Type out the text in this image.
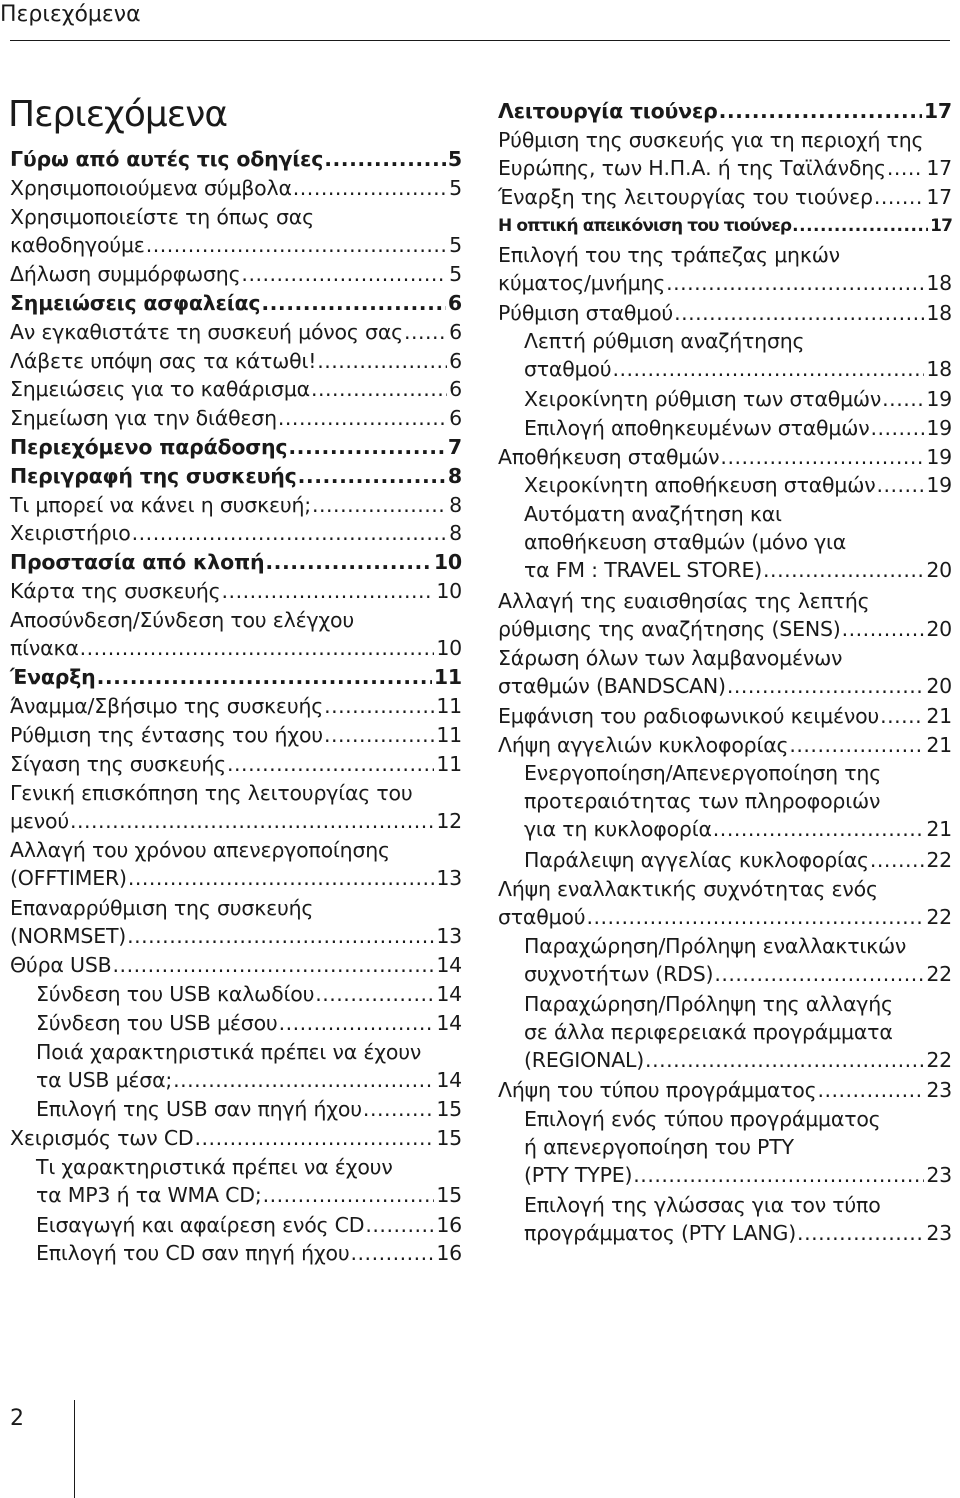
Περιεχόμενα
Περιεχόμενα
Γύρω από αυτές τις οδηγίες .....	5
Χρησιμοποιούμενα σύμβολα .....	5
Χρησιμοποιείστε τη όπως σας
καθοδηγούμε .....	5
Δήλωση συμμόρφωσης .....	5
Σημειώσεις ασφαλείας .....	6
Αν εγκαθιστάτε τη συσκευή μόνος σας ..... 6
Λάβετε υπόψη σας τα κάτωθι! .....	6
Σημειώσεις για το καθάρισμα .....	6
Σημείωση για την διάθεση .....	6
Περιεχόμενο παράδοσης .....	7
Περιγραφή της συσκευής .....	8
Τι μπορεί να κάνει η συσκευή; .....	8
Χειριστήριο .....	8
Προστασία από κλοπή .....	10
Κάρτα της συσκευής .....	10
Αποσύνδεση/Σύνδεση του ελέγχου
πίνακα .....	10
Έναρξη .....	11
Άναμμα/Σβήσιμο της συσκευής .....	11
Ρύθμιση της έντασης του ήχου .....	11
Σίγαση της συσκευής .....	11
Γενική επισκόπηση της λειτουργίας του
μενού .....	12
Αλλαγή του χρόνου απενεργοποίησης
(OFFTIMER) .....	13
Επαναρρύθμιση της συσκευής
(NORMSET) .....	13
Θύρα USB .....	14
Σύνδεση του USB καλωδίου .....	14
Σύνδεση του USB μέσου .....	14
Ποιά χαρακτηριστικά πρέπει να έχουν
τα USB μέσα; .....	14
Επιλογή της USB σαν πηγή ήχου .....	15
Χειρισμός των CD .....	15
Τι χαρακτηριστικά πρέπει να έχουν
τα MP3 ή τα WMA CD; .....	15
Εισαγωγή και αφαίρεση ενός CD .....	16
Επιλογή του CD σαν πηγή ήχου .....	16
Λειτουργία τιούνερ .....	17
Ρύθμιση της συσκευής για τη περιοχή της
Ευρώπης, των Η.Π.Α. ή της Ταϊλάνδης ..... 17
Έναρξη της λειτουργίας του τιούνερ .....	17
Η οπτική απεικόνιση του τιούνερ .....	17
Επιλογή του της τράπεζας μηκών
κύματος/μνήμης .....	18
Ρύθμιση σταθμού .....	18
Λεπτή ρύθμιση αναζήτησης
σταθμού .....	18
Χειροκίνητη ρύθμιση των σταθμών ..... 19
Επιλογή αποθηκευμένων σταθμών .....	19
Αποθήκευση σταθμών .....	19
Χειροκίνητη αποθήκευση σταθμών ..... 19
Αυτόματη αναζήτηση και
αποθήκευση σταθμών (μόνο για
τα FM : TRAVEL STORE) .....	20
Αλλαγή της ευαισθησίας της λεπτής
ρύθμισης της αναζήτησης (SENS) .....	20
Σάρωση όλων των λαμβανομένων
σταθμών (BANDSCAN) .....	20
Εμφάνιση του ραδιοφωνικού κειμένου ..... 21
Λήψη αγγελιών κυκλοφορίας .....	21
Ενεργοποίηση/Απενεργοποίηση της
προτεραιότητας των πληροφοριών
για τη κυκλοφορία .....	21
Παράλειψη αγγελίας κυκλοφορίας .....	22
Λήψη εναλλακτικής συχνότητας ενός
σταθμού .....	22
Παραχώρηση/Πρόληψη εναλλακτικών
συχνοτήτων (RDS) .....	22
Παραχώρηση/Πρόληψη της αλλαγής
σε άλλα περιφερειακά προγράμματα
(REGIONAL) .....	22
Λήψη του τύπου προγράμματος .....	23
Επιλογή ενός τύπου προγράμματος
ή απενεργοποίηση του PTY
(PTY TYPE) .....	23
Επιλογή της γλώσσας για τον τύπο
προγράμματος (PTY LANG) .....	23
2
